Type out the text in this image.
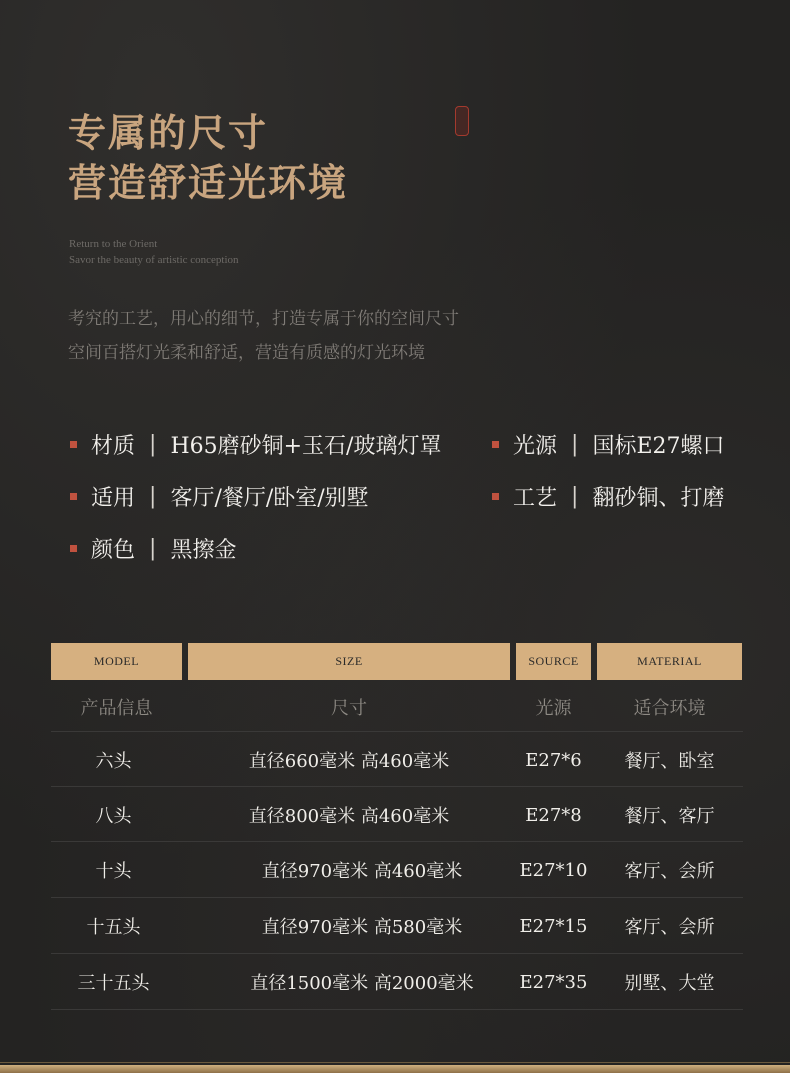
专属的尺寸
营造舒适光环境
Return to the Orient
Savor the beauty of artistic conception
考究的工艺，用心的细节，打造专属于你的空间尺寸
空间百搭灯光柔和舒适，营造有质感的灯光环境
材质 | H65磨砂铜+玉石/玻璃灯罩	光源 | 国标E27螺口
适用 | 客厅/餐厅/卧室/别墅	工艺 | 翻砂铜、打磨
颜色 | 黑擦金
MODEL	SIZE	SOURCE	MATERIAL
产品信息	尺寸	光源	适合环境
六头	直径660毫米 高460毫米	E27*6	餐厅、卧室
八头	直径800毫米 高460毫米	E27*8	餐厅、客厅
十头	直径970毫米 高460毫米	E27*10	客厅、会所
十五头	直径970毫米 高580毫米	E27*15	客厅、会所
三十五头	直径1500毫米 高2000毫米	E27*35	别墅、大堂
